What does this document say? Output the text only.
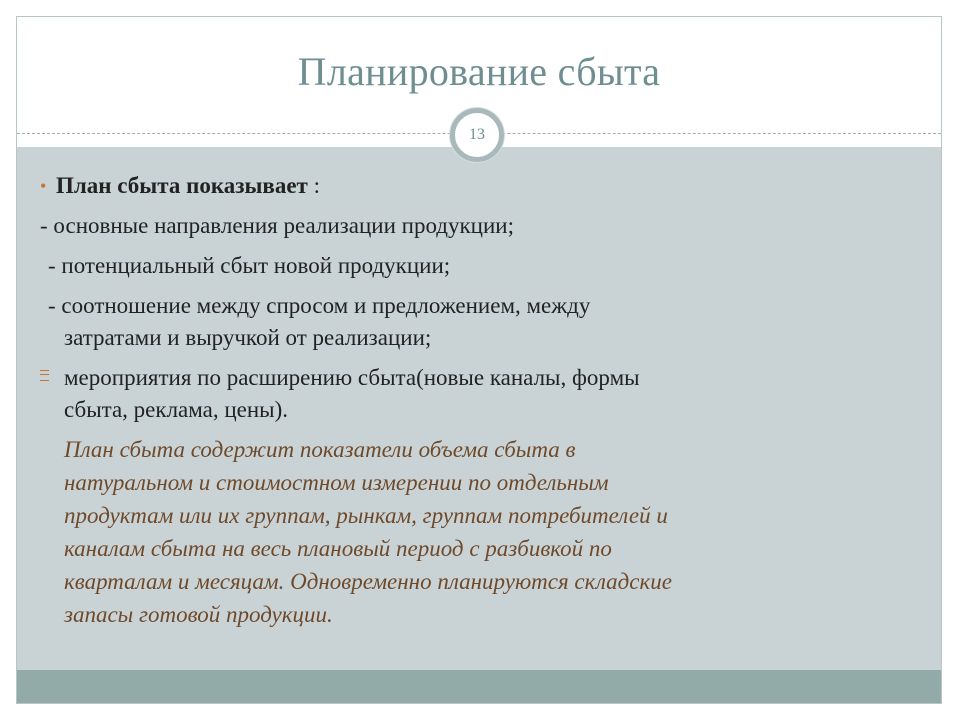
Планирование сбыта
13
• План сбыта показывает :
- основные направления реализации продукции;
- потенциальный сбыт новой продукции;
- соотношение между спросом и предложением, между
затратами и выручкой от реализации;
мероприятия по расширению сбыта(новые каналы, формы
сбыта, реклама, цены).
План сбыта содержит показатели объема сбыта в
натуральном и стоимостном измерении по отдельным
продуктам или их группам, рынкам, группам потребителей и
каналам сбыта на весь плановый период с разбивкой по
кварталам и месяцам. Одновременно планируются складские
запасы готовой продукции.
